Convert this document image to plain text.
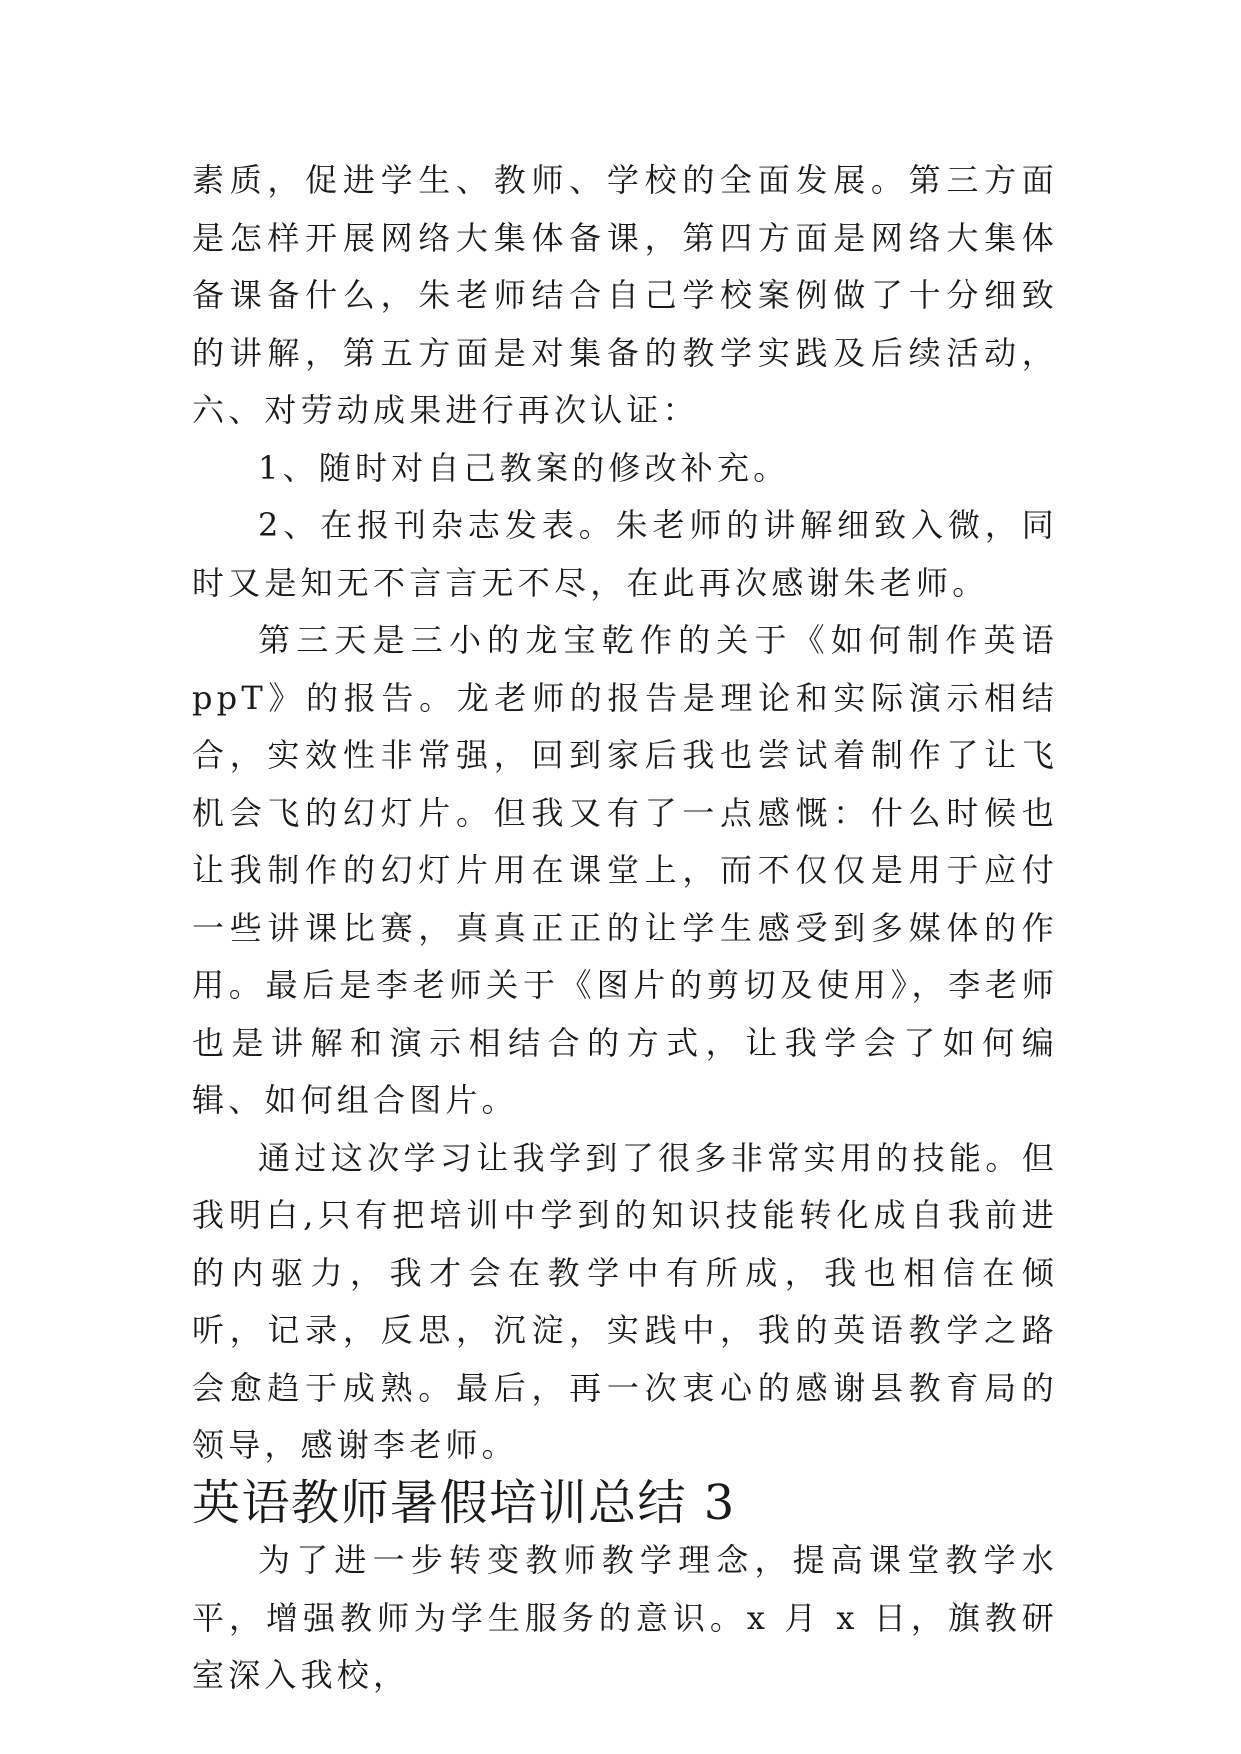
素质，促进学生、教师、学校的全面发展。第三方面是怎样开展网络大集体备课，第四方面是网络大集体备课备什么，朱老师结合自己学校案例做了十分细致的讲解，第五方面是对集备的教学实践及后续活动，六、对劳动成果进行再次认证：

1、随时对自己教案的修改补充。

2、在报刊杂志发表。朱老师的讲解细致入微，同时又是知无不言言无不尽，在此再次感谢朱老师。

第三天是三小的龙宝乾作的关于《如何制作英语 ppT》的报告。龙老师的报告是理论和实际演示相结合，实效性非常强，回到家后我也尝试着制作了让飞机会飞的幻灯片。但我又有了一点感慨：什么时候也让我制作的幻灯片用在课堂上，而不仅仅是用于应付一些讲课比赛，真真正正的让学生感受到多媒体的作用。最后是李老师关于《图片的剪切及使用》，李老师也是讲解和演示相结合的方式，让我学会了如何编辑、如何组合图片。

通过这次学习让我学到了很多非常实用的技能。但我明白,只有把培训中学到的知识技能转化成自我前进的内驱力，我才会在教学中有所成，我也相信在倾听，记录，反思，沉淀，实践中，我的英语教学之路会愈趋于成熟。最后，再一次衷心的感谢县教育局的领导，感谢李老师。

英语教师暑假培训总结 3

为了进一步转变教师教学理念，提高课堂教学水平，增强教师为学生服务的意识。x 月 x 日，旗教研室深入我校，
